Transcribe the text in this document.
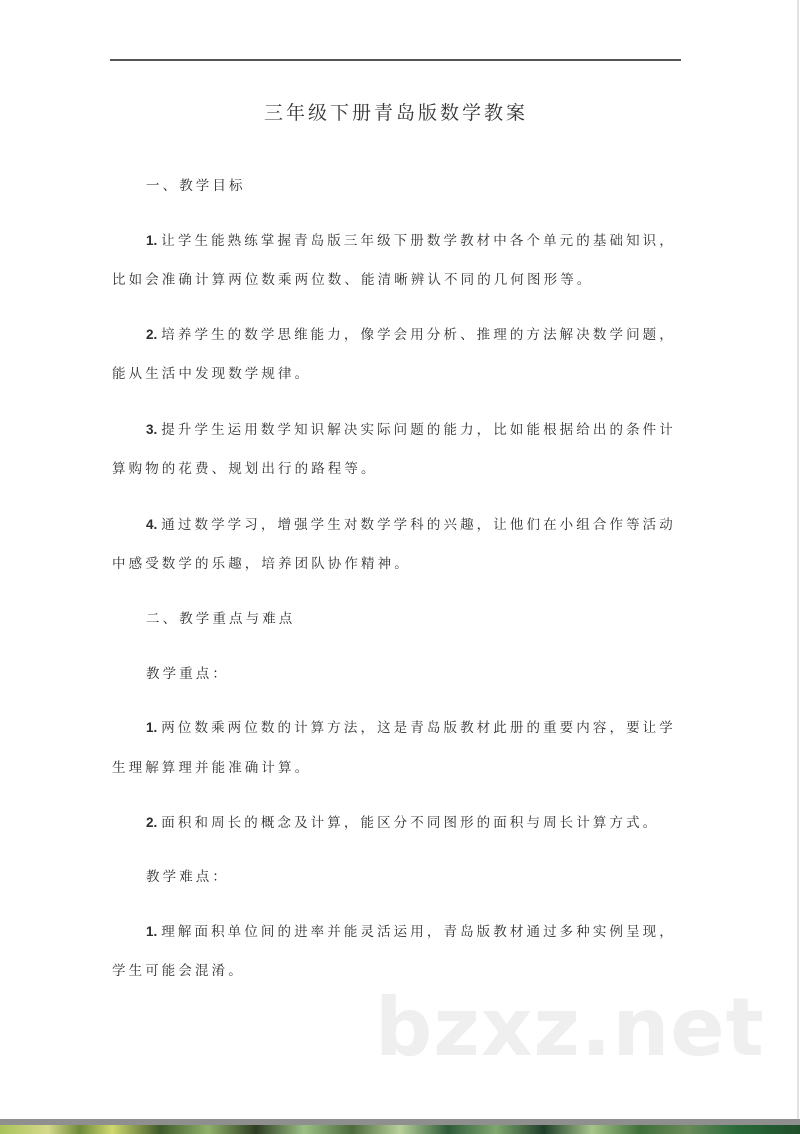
三年级下册青岛版数学教案

一、教学目标

1. 让学生能熟练掌握青岛版三年级下册数学教材中各个单元的基础知识，

比如会准确计算两位数乘两位数、能清晰辨认不同的几何图形等。

2. 培养学生的数学思维能力，像学会用分析、推理的方法解决数学问题，

能从生活中发现数学规律。

3. 提升学生运用数学知识解决实际问题的能力，比如能根据给出的条件计

算购物的花费、规划出行的路程等。

4. 通过数学学习，增强学生对数学学科的兴趣，让他们在小组合作等活动

中感受数学的乐趣，培养团队协作精神。

二、教学重点与难点

教学重点：

1. 两位数乘两位数的计算方法，这是青岛版教材此册的重要内容，要让学

生理解算理并能准确计算。

2. 面积和周长的概念及计算，能区分不同图形的面积与周长计算方式。

教学难点：

1. 理解面积单位间的进率并能灵活运用，青岛版教材通过多种实例呈现，

学生可能会混淆。

bzxz.net
